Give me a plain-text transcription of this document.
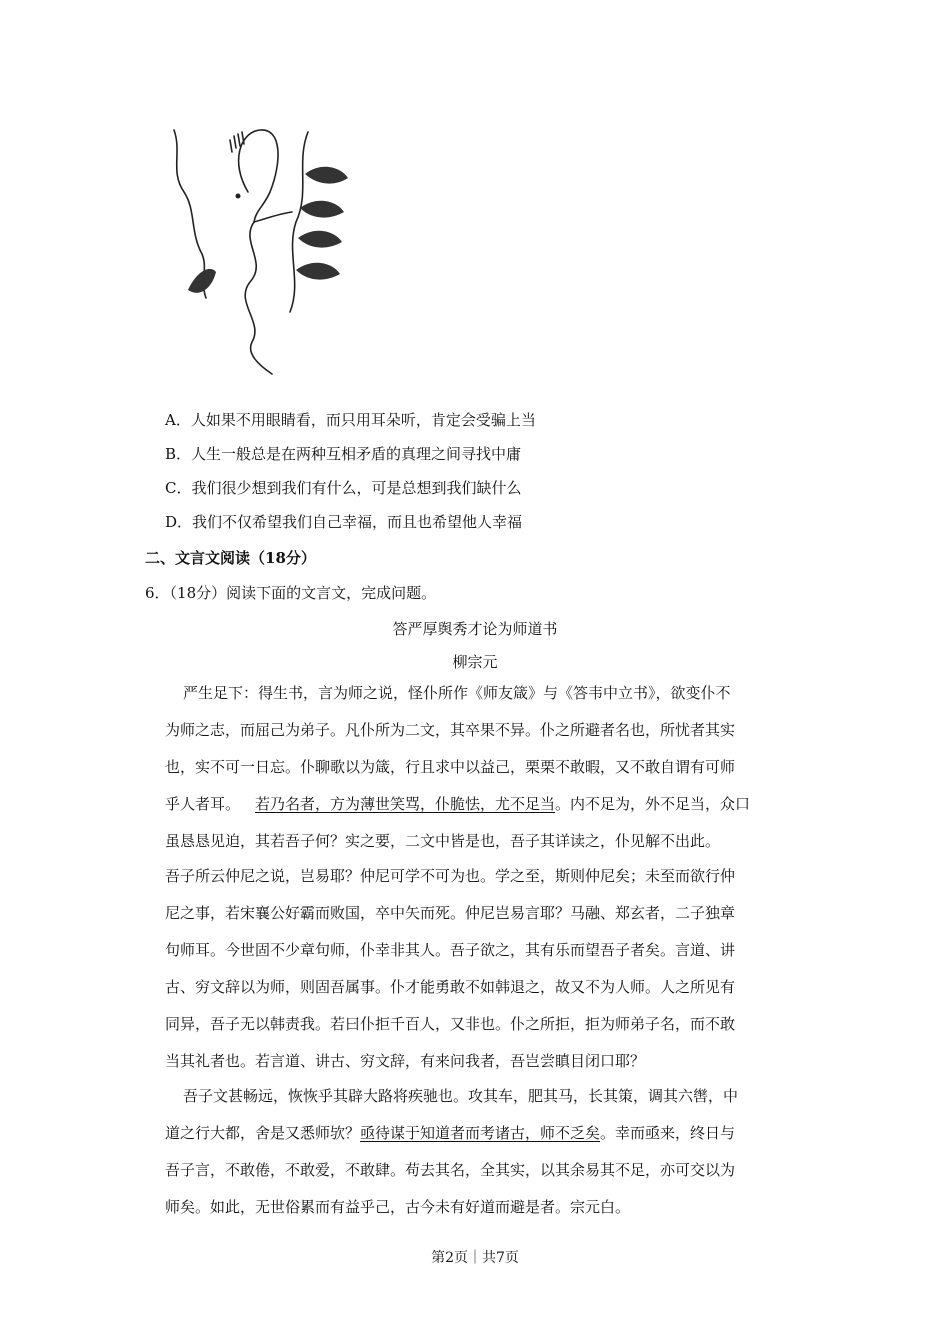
A．人如果不用眼睛看，而只用耳朵听，肯定会受骗上当
B．人生一般总是在两种互相矛盾的真理之间寻找中庸
C．我们很少想到我们有什么，可是总想到我们缺什么
D．我们不仅希望我们自己幸福，而且也希望他人幸福
二、文言文阅读（18分）
6．（18分）阅读下面的文言文，完成问题。
答严厚舆秀才论为师道书
柳宗元
严生足下：得生书，言为师之说，怪仆所作《师友箴》与《答韦中立书》，欲变仆不
为师之志，而屈己为弟子。凡仆所为二文，其卒果不异。仆之所避者名也，所忧者其实
也，实不可一日忘。仆聊歌以为箴，行且求中以益己，栗栗不敢暇，又不敢自谓有可师
乎人者耳。 若乃名者，方为薄世笑骂，仆脆怯，尤不足当。内不足为，外不足当，众口
虽恳恳见迫，其若吾子何？实之要，二文中皆是也，吾子其详读之，仆见解不出此。
吾子所云仲尼之说，岂易耶？仲尼可学不可为也。学之至，斯则仲尼矣；未至而欲行仲
尼之事，若宋襄公好霸而败国，卒中矢而死。仲尼岂易言耶？马融、郑玄者，二子独章
句师耳。今世固不少章句师，仆幸非其人。吾子欲之，其有乐而望吾子者矣。言道、讲
古、穷文辞以为师，则固吾属事。仆才能勇敢不如韩退之，故又不为人师。人之所见有
同异，吾子无以韩责我。若曰仆拒千百人，又非也。仆之所拒，拒为师弟子名，而不敢
当其礼者也。若言道、讲古、穷文辞，有来问我者，吾岂尝瞋目闭口耶？
吾子文甚畅远，恢恢乎其辟大路将疾驰也。攻其车，肥其马，长其策，调其六辔，中
道之行大都，舍是又悉师欤？亟待谋于知道者而考诸古，师不乏矣。幸而亟来，终日与
吾子言，不敢倦，不敢爱，不敢肆。苟去其名，全其实，以其余易其不足，亦可交以为
师矣。如此，无世俗累而有益乎己，古今未有好道而避是者。宗元白。
第2页｜共7页
